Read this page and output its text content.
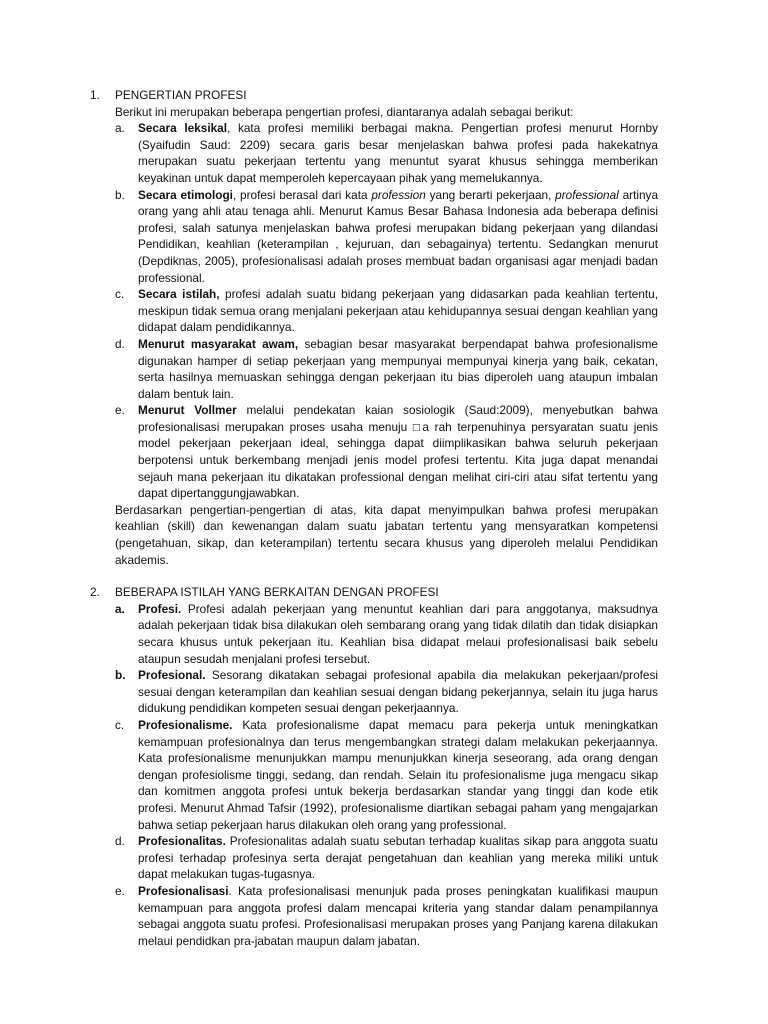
1.	PENGERTIAN PROFESI
Berikut ini merupakan beberapa pengertian profesi, diantaranya adalah sebagai berikut:
a.	Secara leksikal, kata profesi memiliki berbagai makna. Pengertian profesi menurut Hornby (Syaifudin Saud: 2209) secara garis besar menjelaskan bahwa profesi pada hakekatnya merupakan suatu pekerjaan tertentu yang menuntut syarat khusus sehingga memberikan keyakinan untuk dapat memperoleh kepercayaan pihak yang memelukannya.
b.	Secara etimologi, profesi berasal dari kata profession yang berarti pekerjaan, professional artinya orang yang ahli atau tenaga ahli. Menurut Kamus Besar Bahasa Indonesia ada beberapa definisi profesi, salah satunya menjelaskan bahwa profesi merupakan bidang pekerjaan yang dilandasi Pendidikan, keahlian (keterampilan , kejuruan, dan sebagainya) tertentu. Sedangkan menurut (Depdiknas, 2005), profesionalisasi adalah proses membuat badan organisasi agar menjadi badan professional.
c.	Secara istilah, profesi adalah suatu bidang pekerjaan yang didasarkan pada keahlian tertentu, meskipun tidak semua orang menjalani pekerjaan atau kehidupannya sesuai dengan keahlian yang didapat dalam pendidikannya.
d.	Menurut masyarakat awam, sebagian besar masyarakat berpendapat bahwa profesionalisme digunakan hamper di setiap pekerjaan yang mempunyai mempunyai kinerja yang baik, cekatan, serta hasilnya memuaskan sehingga dengan pekerjaan itu bias diperoleh uang ataupun imbalan dalam bentuk lain.
e.	Menurut Vollmer melalui pendekatan kaian sosiologik (Saud:2009), menyebutkan bahwa profesionalisasi merupakan proses usaha menuju □a rah terpenuhinya persyaratan suatu jenis model pekerjaan pekerjaan ideal, sehingga dapat diimplikasikan bahwa seluruh pekerjaan berpotensi untuk berkembang menjadi jenis model profesi tertentu. Kita juga dapat menandai sejauh mana pekerjaan itu dikatakan professional dengan melihat ciri-ciri atau sifat tertentu yang dapat dipertanggungjawabkan.
Berdasarkan pengertian-pengertian di atas, kita dapat menyimpulkan bahwa profesi merupakan keahlian (skill) dan kewenangan dalam suatu jabatan tertentu yang mensyaratkan kompetensi (pengetahuan, sikap, dan keterampilan) tertentu secara khusus yang diperoleh melalui Pendidikan akademis.
2.	BEBERAPA ISTILAH YANG BERKAITAN DENGAN PROFESI
a.	Profesi. Profesi adalah pekerjaan yang menuntut keahlian dari para anggotanya, maksudnya adalah pekerjaan tidak bisa dilakukan oleh sembarang orang yang tidak dilatih dan tidak disiapkan secara khusus untuk pekerjaan itu. Keahlian bisa didapat melaui profesionalisasi baik sebelu ataupun sesudah menjalani profesi tersebut.
b.	Profesional. Sesorang dikatakan sebagai profesional apabila dia melakukan pekerjaan/profesi sesuai dengan keterampilan dan keahlian sesuai dengan bidang pekerjannya, selain itu juga harus didukung pendidikan kompeten sesuai dengan pekerjaannya.
c.	Profesionalisme. Kata profesionalisme dapat memacu para pekerja untuk meningkatkan kemampuan profesionalnya dan terus mengembangkan strategi dalam melakukan pekerjaannya. Kata profesionalisme menunjukkan mampu menunjukkan kinerja seseorang, ada orang dengan dengan profesiolisme tinggi, sedang, dan rendah. Selain itu profesionalisme juga mengacu sikap dan komitmen anggota profesi untuk bekerja berdasarkan standar yang tinggi dan kode etik profesi. Menurut Ahmad Tafsir (1992), profesionalisme diartikan sebagai paham yang mengajarkan bahwa setiap pekerjaan harus dilakukan oleh orang yang professional.
d.	Profesionalitas. Profesionalitas adalah suatu sebutan terhadap kualitas sikap para anggota suatu profesi terhadap profesinya serta derajat pengetahuan dan keahlian yang mereka miliki untuk dapat melakukan tugas-tugasnya.
e.	Profesionalisasi. Kata profesionalisasi menunjuk pada proses peningkatan kualifikasi maupun kemampuan para anggota profesi dalam mencapai kriteria yang standar dalam penampilannya sebagai anggota suatu profesi. Profesionalisasi merupakan proses yang Panjang karena dilakukan melaui pendidkan pra-jabatan maupun dalam jabatan.
